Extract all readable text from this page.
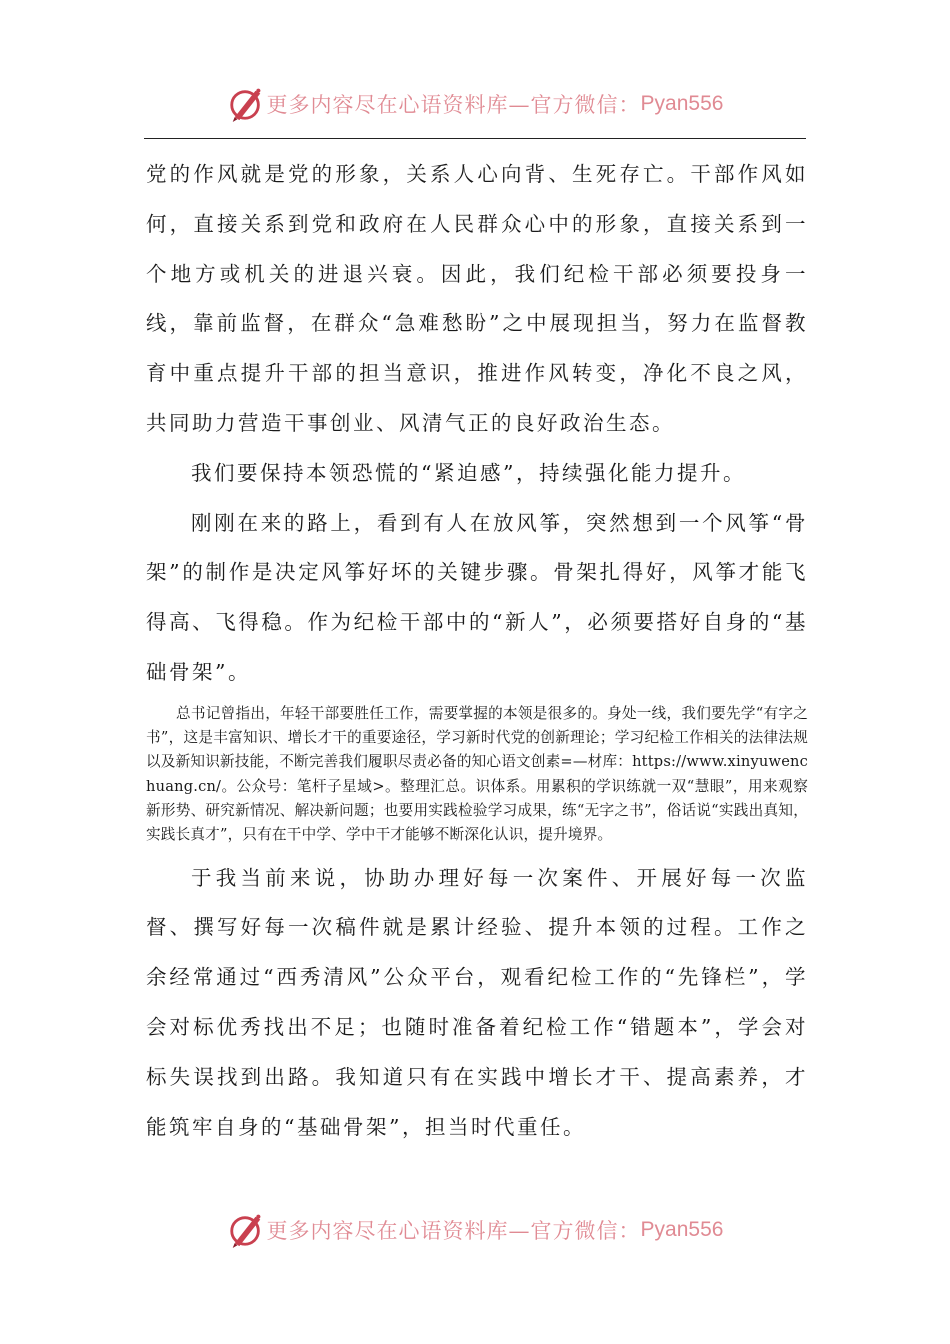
更多内容尽在心语资料库—官方微信： Pyan556

党的作风就是党的形象，关系人心向背、生死存亡。干部作风如何，直接关系到党和政府在人民群众心中的形象，直接关系到一个地方或机关的进退兴衰。因此，我们纪检干部必须要投身一线，靠前监督，在群众“急难愁盼”之中展现担当，努力在监督教育中重点提升干部的担当意识，推进作风转变，净化不良之风，共同助力营造干事创业、风清气正的良好政治生态。

我们要保持本领恐慌的“紧迫感”，持续强化能力提升。

刚刚在来的路上，看到有人在放风筝，突然想到一个风筝“骨架”的制作是决定风筝好坏的关键步骤。骨架扎得好，风筝才能飞得高、飞得稳。作为纪检干部中的“新人”，必须要搭好自身的“基础骨架”。

总书记曾指出，年轻干部要胜任工作，需要掌握的本领是很多的。身处一线，我们要先学“有字之书”，这是丰富知识、增长才干的重要途径，学习新时代党的创新理论；学习纪检工作相关的法律法规以及新知识新技能，不断完善我们履职尽责必备的知心语文创素=—材库：https://www.xinyuwenchuang.cn/。公众号：笔杆子星域>。整理汇总。识体系。用累积的学识练就一双“慧眼”，用来观察新形势、研究新情况、解决新问题；也要用实践检验学习成果，练“无字之书”，俗话说“实践出真知，实践长真才”，只有在干中学、学中干才能够不断深化认识，提升境界。

于我当前来说，协助办理好每一次案件、开展好每一次监督、撰写好每一次稿件就是累计经验、提升本领的过程。工作之余经常通过“西秀清风”公众平台，观看纪检工作的“先锋栏”，学会对标优秀找出不足；也随时准备着纪检工作“错题本”，学会对标失误找到出路。我知道只有在实践中增长才干、提高素养，才能筑牢自身的“基础骨架”，担当时代重任。

更多内容尽在心语资料库—官方微信： Pyan556
